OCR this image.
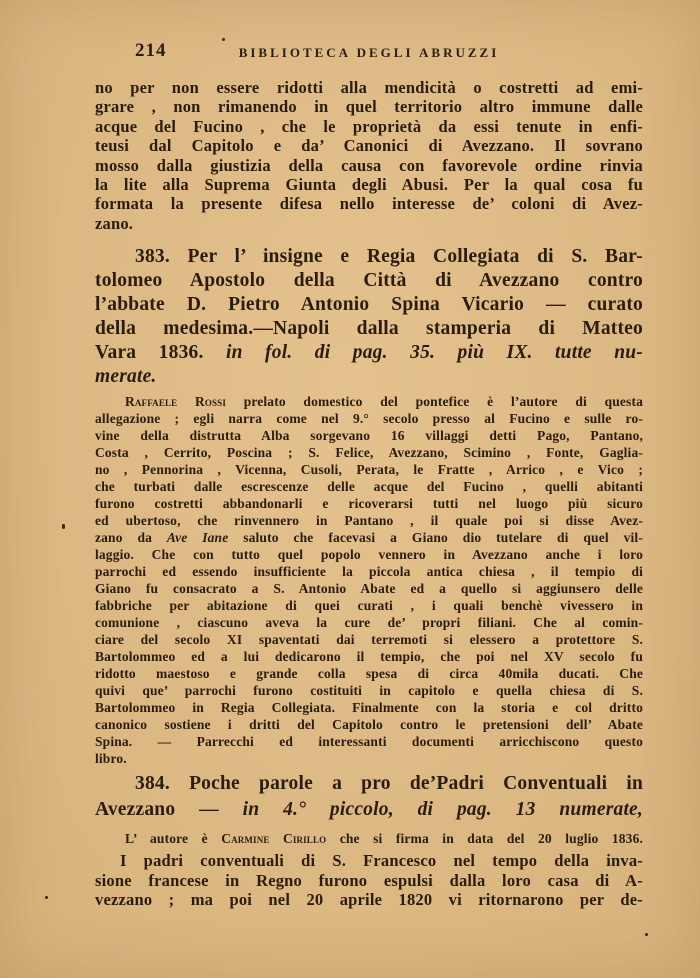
214	BIBLIOTECA DEGLI ABRUZZI
no per non essere ridotti alla mendicità o costretti ad emi-
grare , non rimanendo in quel territorio altro immune dalle
acque del Fucino , che le proprietà da essi tenute in enfi-
teusi dal Capitolo e da’ Canonici di Avezzano. Il sovrano
mosso dalla giustizia della causa con favorevole ordine rinvia
la lite alla Suprema Giunta degli Abusi. Per la qual cosa fu
formata la presente difesa nello interesse de’ coloni di Avez-
zano.
383. Per l’ insigne e Regia Collegiata di S. Bar-
tolomeo Apostolo della Città di Avezzano contro
l’abbate D. Pietro Antonio Spina Vicario — curato
della medesima.—Napoli dalla stamperia di Matteo
Vara 1836. in fol. di pag. 35. più IX. tutte nu-
merate.
Raffaele Rossi prelato domestico del pontefice è l’autore di questa
allegazione ; egli narra come nel 9.° secolo presso al Fucino e sulle ro-
vine della distrutta Alba sorgevano 16 villaggi detti Pago, Pantano,
Costa , Cerrito, Poscina ; S. Felice, Avezzano, Scimino , Fonte, Gaglia-
no , Pennorina , Vicenna, Cusoli, Perata, le Fratte , Arrico , e Vico ;
che turbati dalle escrescenze delle acque del Fucino , quelli abitanti
furono costretti abbandonarli e ricoverarsi tutti nel luogo più sicuro
ed ubertoso, che rinvennero in Pantano , il quale poi si disse Avez-
zano da Ave Iane saluto che facevasi a Giano dio tutelare di quel vil-
laggio. Che con tutto quel popolo vennero in Avezzano anche i loro
parrochi ed essendo insufficiente la piccola antica chiesa , il tempio di
Giano fu consacrato a S. Antonio Abate ed a quello si aggiunsero delle
fabbriche per abitazione di quei curati , i quali benchè vivessero in
comunione , ciascuno aveva la cure de’ propri filiani. Che al comin-
ciare del secolo XI spaventati dai terremoti si elessero a protettore S.
Bartolommeo ed a lui dedicarono il tempio, che poi nel XV secolo fu
ridotto maestoso e grande colla spesa di circa 40mila ducati. Che
quivi que’ parrochi furono costituiti in capitolo e quella chiesa di S.
Bartolommeo in Regia Collegiata. Finalmente con la storia e col dritto
canonico sostiene i dritti del Capitolo contro le pretensioni dell’ Abate
Spina. — Parrecchi ed interessanti documenti arricchiscono questo
libro.
384. Poche parole a pro de’Padri Conventuali in
Avezzano — in 4.° piccolo, di pag. 13 numerate,
L’ autore è Carmine Cirillo che si firma in data del 20 luglio 1836.
I padri conventuali di S. Francesco nel tempo della inva-
sione francese in Regno furono espulsi dalla loro casa di A-
vezzano ; ma poi nel 20 aprile 1820 vi ritornarono per de-
